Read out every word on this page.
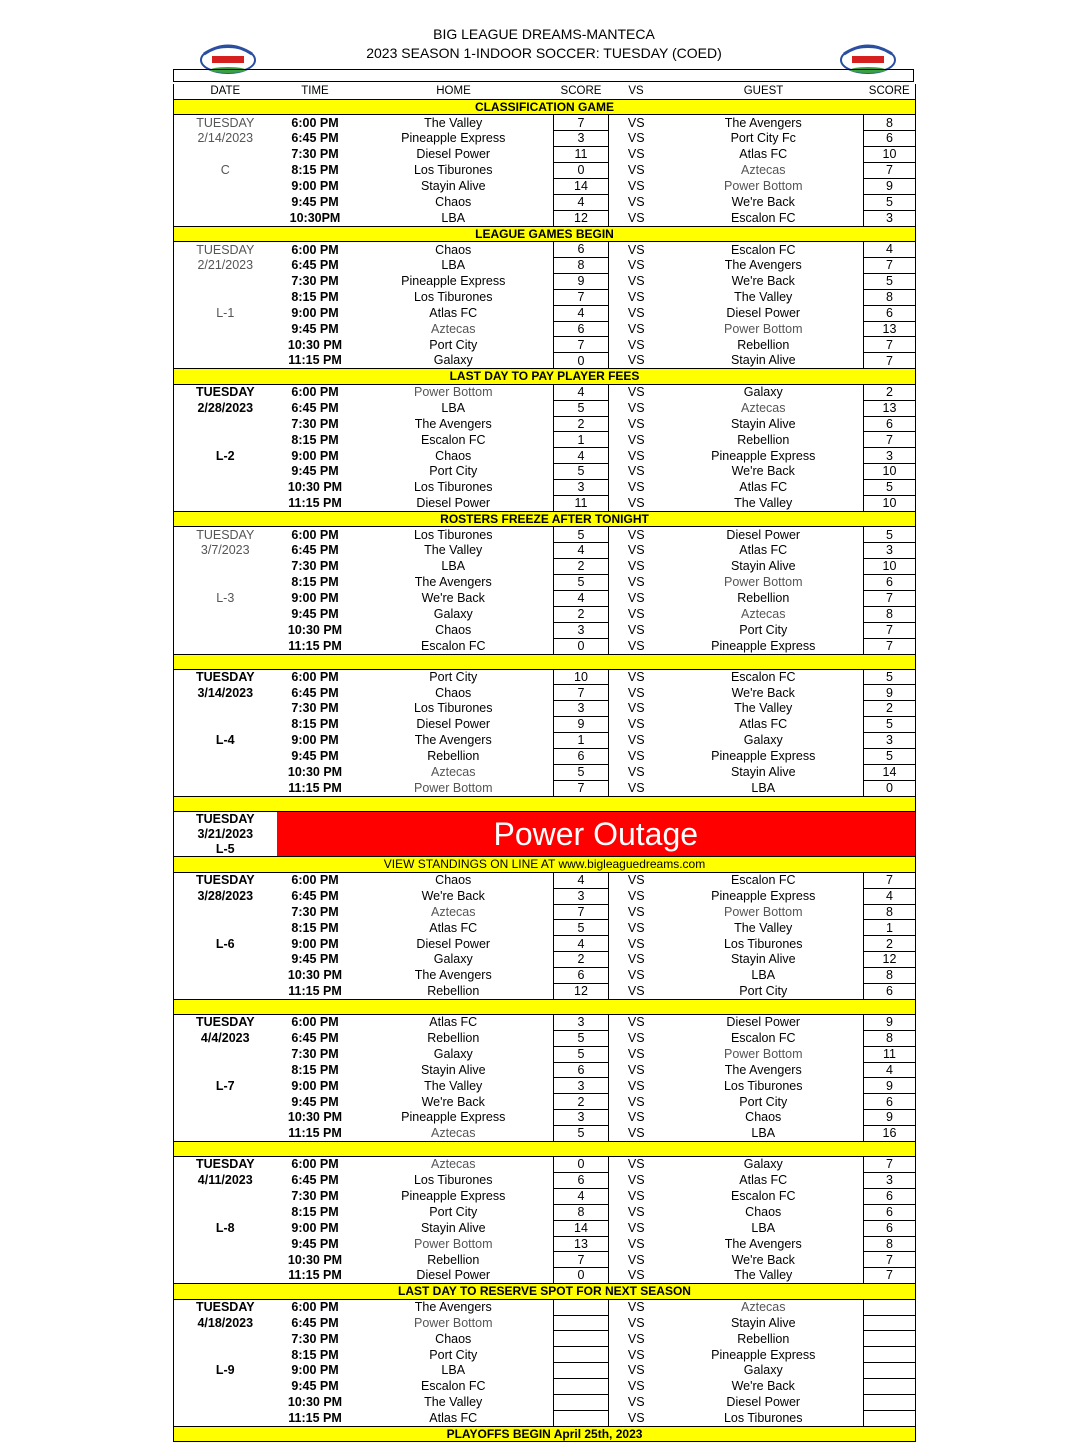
BIG LEAGUE DREAMS-MANTECA
2023 SEASON 1-INDOOR SOCCER: TUESDAY (COED)
DATE	TIME	HOME	SCORE	VS	GUEST	SCORE
CLASSIFICATION GAME						
TUESDAY	6:00 PM	The Valley	7	VS	The Avengers	8
2/14/2023	6:45 PM	Pineapple Express	3	VS	Port City Fc	6
	7:30 PM	Diesel Power	11	VS	Atlas FC	10
C	8:15 PM	Los Tiburones	0	VS	Aztecas	7
	9:00 PM	Stayin Alive	14	VS	Power Bottom	9
	9:45 PM	Chaos	4	VS	We're Back	5
	10:30PM	LBA	12	VS	Escalon FC	3
LEAGUE GAMES BEGIN						
TUESDAY	6:00 PM	Chaos	6	VS	Escalon FC	4
2/21/2023	6:45 PM	LBA	8	VS	The Avengers	7
	7:30 PM	Pineapple Express	9	VS	We're Back	5
	8:15 PM	Los Tiburones	7	VS	The Valley	8
L-1	9:00 PM	Atlas FC	4	VS	Diesel Power	6
	9:45 PM	Aztecas	6	VS	Power Bottom	13
	10:30 PM	Port City	7	VS	Rebellion	7
	11:15 PM	Galaxy	0	VS	Stayin Alive	7
LAST DAY TO PAY PLAYER FEES						
TUESDAY	6:00 PM	Power Bottom	4	VS	Galaxy	2
2/28/2023	6:45 PM	LBA	5	VS	Aztecas	13
	7:30 PM	The Avengers	2	VS	Stayin Alive	6
	8:15 PM	Escalon FC	1	VS	Rebellion	7
L-2	9:00 PM	Chaos	4	VS	Pineapple Express	3
	9:45 PM	Port City	5	VS	We're Back	10
	10:30 PM	Los Tiburones	3	VS	Atlas FC	5
	11:15 PM	Diesel Power	11	VS	The Valley	10
ROSTERS FREEZE AFTER TONIGHT						
TUESDAY	6:00 PM	Los Tiburones	5	VS	Diesel Power	5
3/7/2023	6:45 PM	The Valley	4	VS	Atlas FC	3
	7:30 PM	LBA	2	VS	Stayin Alive	10
	8:15 PM	The Avengers	5	VS	Power Bottom	6
L-3	9:00 PM	We're Back	4	VS	Rebellion	7
	9:45 PM	Galaxy	2	VS	Aztecas	8
	10:30 PM	Chaos	3	VS	Port City	7
	11:15 PM	Escalon FC	0	VS	Pineapple Express	7

TUESDAY	6:00 PM	Port City	10	VS	Escalon FC	5
3/14/2023	6:45 PM	Chaos	7	VS	We're Back	9
	7:30 PM	Los Tiburones	3	VS	The Valley	2
	8:15 PM	Diesel Power	9	VS	Atlas FC	5
L-4	9:00 PM	The Avengers	1	VS	Galaxy	3
	9:45 PM	Rebellion	6	VS	Pineapple Express	5
	10:30 PM	Aztecas	5	VS	Stayin Alive	14
	11:15 PM	Power Bottom	7	VS	LBA	0

TUESDAY	Power Outage					
3/21/2023						
L-5						
VIEW STANDINGS ON LINE AT www.bigleaguedreams.com						
TUESDAY	6:00 PM	Chaos	4	VS	Escalon FC	7
3/28/2023	6:45 PM	We're Back	3	VS	Pineapple Express	4
	7:30 PM	Aztecas	7	VS	Power Bottom	8
	8:15 PM	Atlas FC	5	VS	The Valley	1
L-6	9:00 PM	Diesel Power	4	VS	Los Tiburones	2
	9:45 PM	Galaxy	2	VS	Stayin Alive	12
	10:30 PM	The Avengers	6	VS	LBA	8
	11:15 PM	Rebellion	12	VS	Port City	6

TUESDAY	6:00 PM	Atlas FC	3	VS	Diesel Power	9
4/4/2023	6:45 PM	Rebellion	5	VS	Escalon FC	8
	7:30 PM	Galaxy	5	VS	Power Bottom	11
	8:15 PM	Stayin Alive	6	VS	The Avengers	4
L-7	9:00 PM	The Valley	3	VS	Los Tiburones	9
	9:45 PM	We're Back	2	VS	Port City	6
	10:30 PM	Pineapple Express	3	VS	Chaos	9
	11:15 PM	Aztecas	5	VS	LBA	16

TUESDAY	6:00 PM	Aztecas	0	VS	Galaxy	7
4/11/2023	6:45 PM	Los Tiburones	6	VS	Atlas FC	3
	7:30 PM	Pineapple Express	4	VS	Escalon FC	6
	8:15 PM	Port City	8	VS	Chaos	6
L-8	9:00 PM	Stayin Alive	14	VS	LBA	6
	9:45 PM	Power Bottom	13	VS	The Avengers	8
	10:30 PM	Rebellion	7	VS	We're Back	7
	11:15 PM	Diesel Power	0	VS	The Valley	7
LAST DAY TO RESERVE SPOT FOR NEXT SEASON						
TUESDAY	6:00 PM	The Avengers		VS	Aztecas	
4/18/2023	6:45 PM	Power Bottom		VS	Stayin Alive	
	7:30 PM	Chaos		VS	Rebellion	
	8:15 PM	Port City		VS	Pineapple Express	
L-9	9:00 PM	LBA		VS	Galaxy	
	9:45 PM	Escalon FC		VS	We're Back	
	10:30 PM	The Valley		VS	Diesel Power	
	11:15 PM	Atlas FC		VS	Los Tiburones	
PLAYOFFS BEGIN April 25th, 2023						
